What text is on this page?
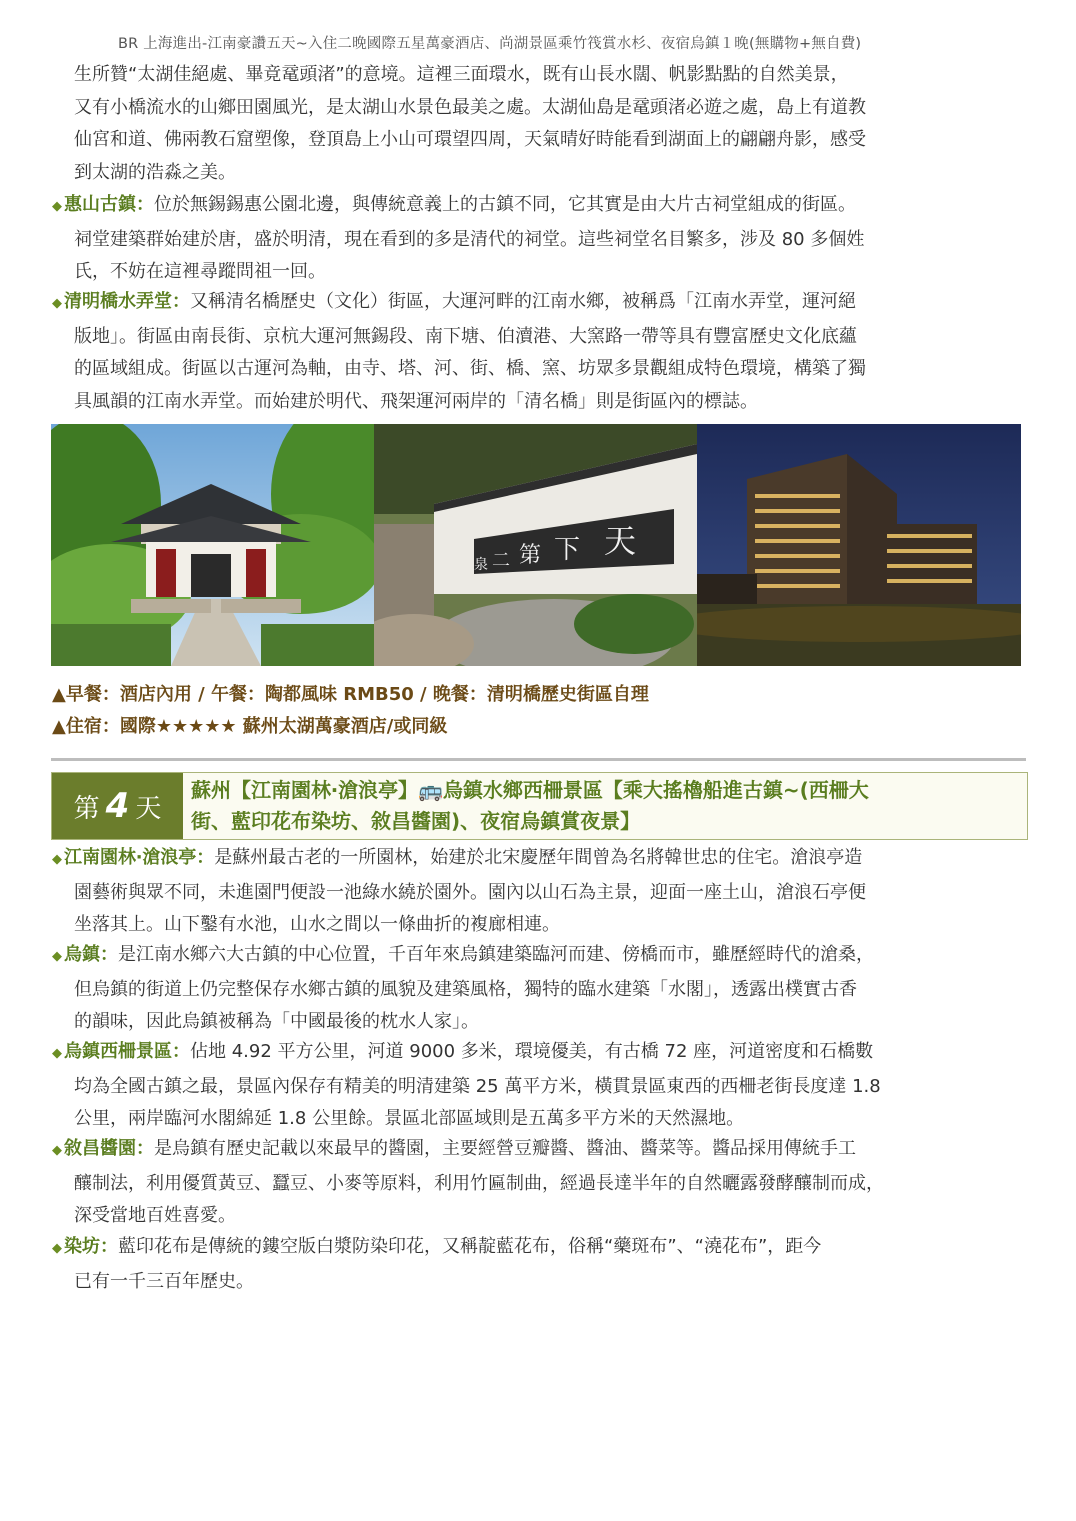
BR 上海進出-江南豪讚五天~入住二晚國際五星萬豪酒店、尚湖景區乘竹筏賞水杉、夜宿烏鎮１晚(無購物+無自費)
生所贊“太湖佳絕處、畢竟鼋頭渚”的意境。這裡三面環水，既有山長水闊、帆影點點的自然美景，
又有小橋流水的山鄉田園風光，是太湖山水景色最美之處。太湖仙島是鼋頭渚必遊之處，島上有道教
仙宮和道、佛兩教石窟塑像，登頂島上小山可環望四周，天氣晴好時能看到湖面上的翩翩舟影，感受
到太湖的浩淼之美。
◆ 惠山古鎮：位於無錫錫惠公園北邊，與傳統意義上的古鎮不同，它其實是由大片古祠堂組成的街區。
祠堂建築群始建於唐，盛於明清，現在看到的多是清代的祠堂。這些祠堂名目繁多，涉及 80 多個姓
氏，不妨在這裡尋蹤問祖一回。
◆ 清明橋水弄堂：又稱清名橋歷史（文化）街區，大運河畔的江南水鄉，被稱爲「江南水弄堂，運河絕
版地」。街區由南長街、京杭大運河無錫段、南下塘、伯瀆港、大窯路一帶等具有豐富歷史文化底蘊
的區域組成。街區以古運河為軸，由寺、塔、河、街、橋、窯、坊眾多景觀組成特色環境，構築了獨
具風韻的江南水弄堂。而始建於明代、飛架運河兩岸的「清名橋」則是街區內的標誌。
天
下
第
二
泉
▲早餐：酒店內用 / 午餐：陶都風味 RMB50 / 晚餐：清明橋歷史街區自理
▲住宿：國際★★★★★ 蘇州太湖萬豪酒店/或同級
第 4 天
蘇州【江南園林‧滄浪亭】🚌烏鎮水鄉西柵景區【乘大搖櫓船進古鎮~(西柵大
街、藍印花布染坊、敘昌醬園)、夜宿烏鎮賞夜景】
◆ 江南園林‧滄浪亭：是蘇州最古老的一所園林，始建於北宋慶歷年間曾為名將韓世忠的住宅。滄浪亭造
園藝術與眾不同，未進園門便設一池綠水繞於園外。園內以山石為主景，迎面一座土山，滄浪石亭便
坐落其上。山下鑿有水池，山水之間以一條曲折的複廊相連。
◆ 烏鎮：是江南水鄉六大古鎮的中心位置，千百年來烏鎮建築臨河而建、傍橋而市，雖歷經時代的滄桑，
但烏鎮的街道上仍完整保存水鄉古鎮的風貌及建築風格，獨特的臨水建築「水閣」，透露出樸實古香
的韻味，因此烏鎮被稱為「中國最後的枕水人家」。
◆ 烏鎮西柵景區：佔地 4.92 平方公里，河道 9000 多米，環境優美，有古橋 72 座，河道密度和石橋數
均為全國古鎮之最，景區內保存有精美的明清建築 25 萬平方米，橫貫景區東西的西柵老街長度達 1.8
公里，兩岸臨河水閣綿延 1.8 公里餘。景區北部區域則是五萬多平方米的天然濕地。
◆ 敘昌醬園：是烏鎮有歷史記載以來最早的醬園，主要經營豆瓣醬、醬油、醬菜等。醬品採用傳統手工
釀制法，利用優質黃豆、蠶豆、小麥等原料，利用竹匾制曲，經過長達半年的自然曬露發酵釀制而成，
深受當地百姓喜愛。
◆ 染坊：藍印花布是傳統的鏤空版白漿防染印花，又稱靛藍花布，俗稱“藥斑布”、“澆花布”，距今
已有一千三百年歷史。
